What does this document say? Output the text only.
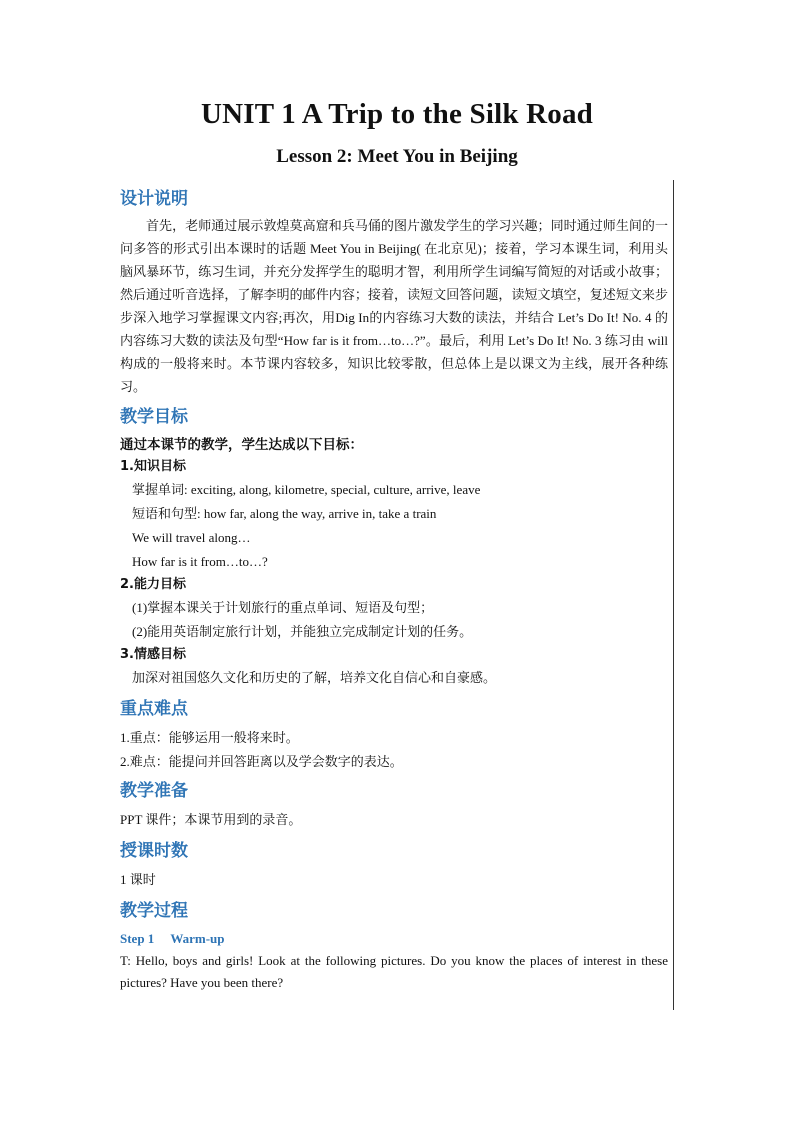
UNIT 1 A Trip to the Silk Road
Lesson 2: Meet You in Beijing
设计说明

首先，老师通过展示敦煌莫高窟和兵马俑的图片激发学生的学习兴趣；同时通过师生间的一问多答的形式引出本课时的话题 Meet You in Beijing( 在北京见)；接着，学习本课生词，利用头脑风暴环节，练习生词，并充分发挥学生的聪明才智，利用所学生词编写简短的对话或小故事；然后通过听音选择，了解李明的邮件内容；接着，读短文回答问题，读短文填空，复述短文来步步深入地学习掌握课文内容;再次，用Dig In的内容练习大数的读法，并结合 Let’s Do It! No. 4 的内容练习大数的读法及句型“How far is it from…to…?”。最后，利用 Let’s Do It! No. 3 练习由 will 构成的一般将来时。本节课内容较多，知识比较零散，但总体上是以课文为主线，展开各种练习。

教学目标

通过本课节的教学，学生达成以下目标：

1.知识目标

掌握单词: exciting, along, kilometre, special, culture, arrive, leave

短语和句型: how far, along the way, arrive in, take a train

We will travel along…

How far is it from…to…?

2.能力目标

(1)掌握本课关于计划旅行的重点单词、短语及句型；

(2)能用英语制定旅行计划，并能独立完成制定计划的任务。

3.情感目标

加深对祖国悠久文化和历史的了解，培养文化自信心和自豪感。

重点难点

1.重点：能够运用一般将来时。

2.难点：能提问并回答距离以及学会数字的表达。

教学准备

PPT 课件；本课节用到的录音。

授课时数

1 课时

教学过程

Step 1 Warm-up

T: Hello, boys and girls! Look at the following pictures. Do you know the places of interest in these pictures? Have you been there?
